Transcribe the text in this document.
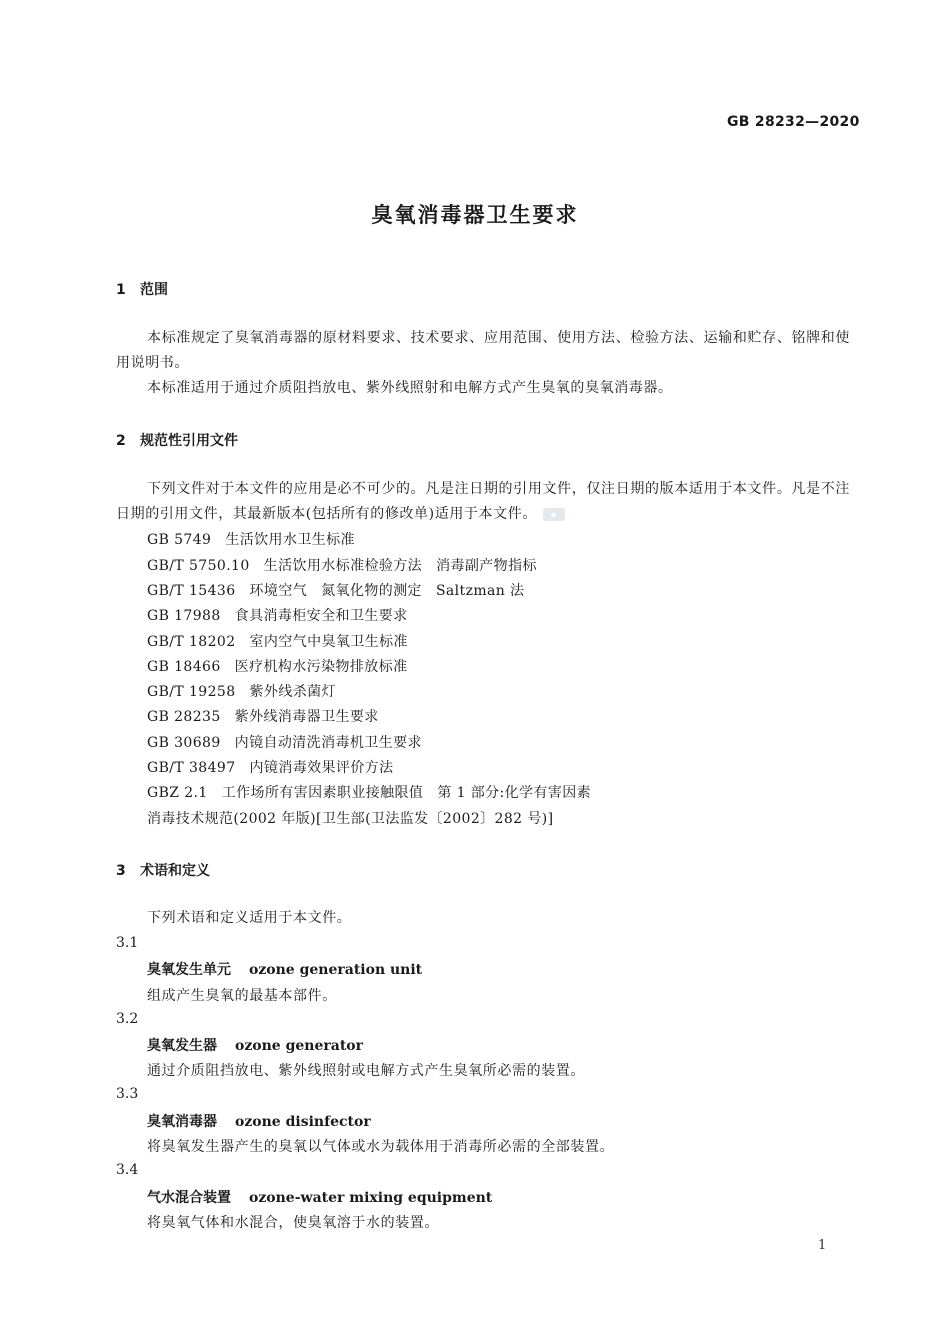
GB 28232—2020
臭氧消毒器卫生要求
1 范围
本标准规定了臭氧消毒器的原材料要求、技术要求、应用范围、使用方法、检验方法、运输和贮存、铭牌和使用说明书。
本标准适用于通过介质阻挡放电、紫外线照射和电解方式产生臭氧的臭氧消毒器。
2 规范性引用文件
下列文件对于本文件的应用是必不可少的。凡是注日期的引用文件，仅注日期的版本适用于本文件。凡是不注日期的引用文件，其最新版本(包括所有的修改单)适用于本文件。 ▪
GB 5749 生活饮用水卫生标准
GB/T 5750.10 生活饮用水标准检验方法 消毒副产物指标
GB/T 15436 环境空气 氮氧化物的测定 Saltzman 法
GB 17988 食具消毒柜安全和卫生要求
GB/T 18202 室内空气中臭氧卫生标准
GB 18466 医疗机构水污染物排放标准
GB/T 19258 紫外线杀菌灯
GB 28235 紫外线消毒器卫生要求
GB 30689 内镜自动清洗消毒机卫生要求
GB/T 38497 内镜消毒效果评价方法
GBZ 2.1 工作场所有害因素职业接触限值 第 1 部分:化学有害因素
消毒技术规范(2002 年版)[卫生部(卫法监发〔2002〕282 号)]
3 术语和定义
下列术语和定义适用于本文件。
3.1
臭氧发生单元 ozone generation unit
组成产生臭氧的最基本部件。
3.2
臭氧发生器 ozone generator
通过介质阻挡放电、紫外线照射或电解方式产生臭氧所必需的装置。
3.3
臭氧消毒器 ozone disinfector
将臭氧发生器产生的臭氧以气体或水为载体用于消毒所必需的全部装置。
3.4
气水混合装置 ozone-water mixing equipment
将臭氧气体和水混合，使臭氧溶于水的装置。
1
